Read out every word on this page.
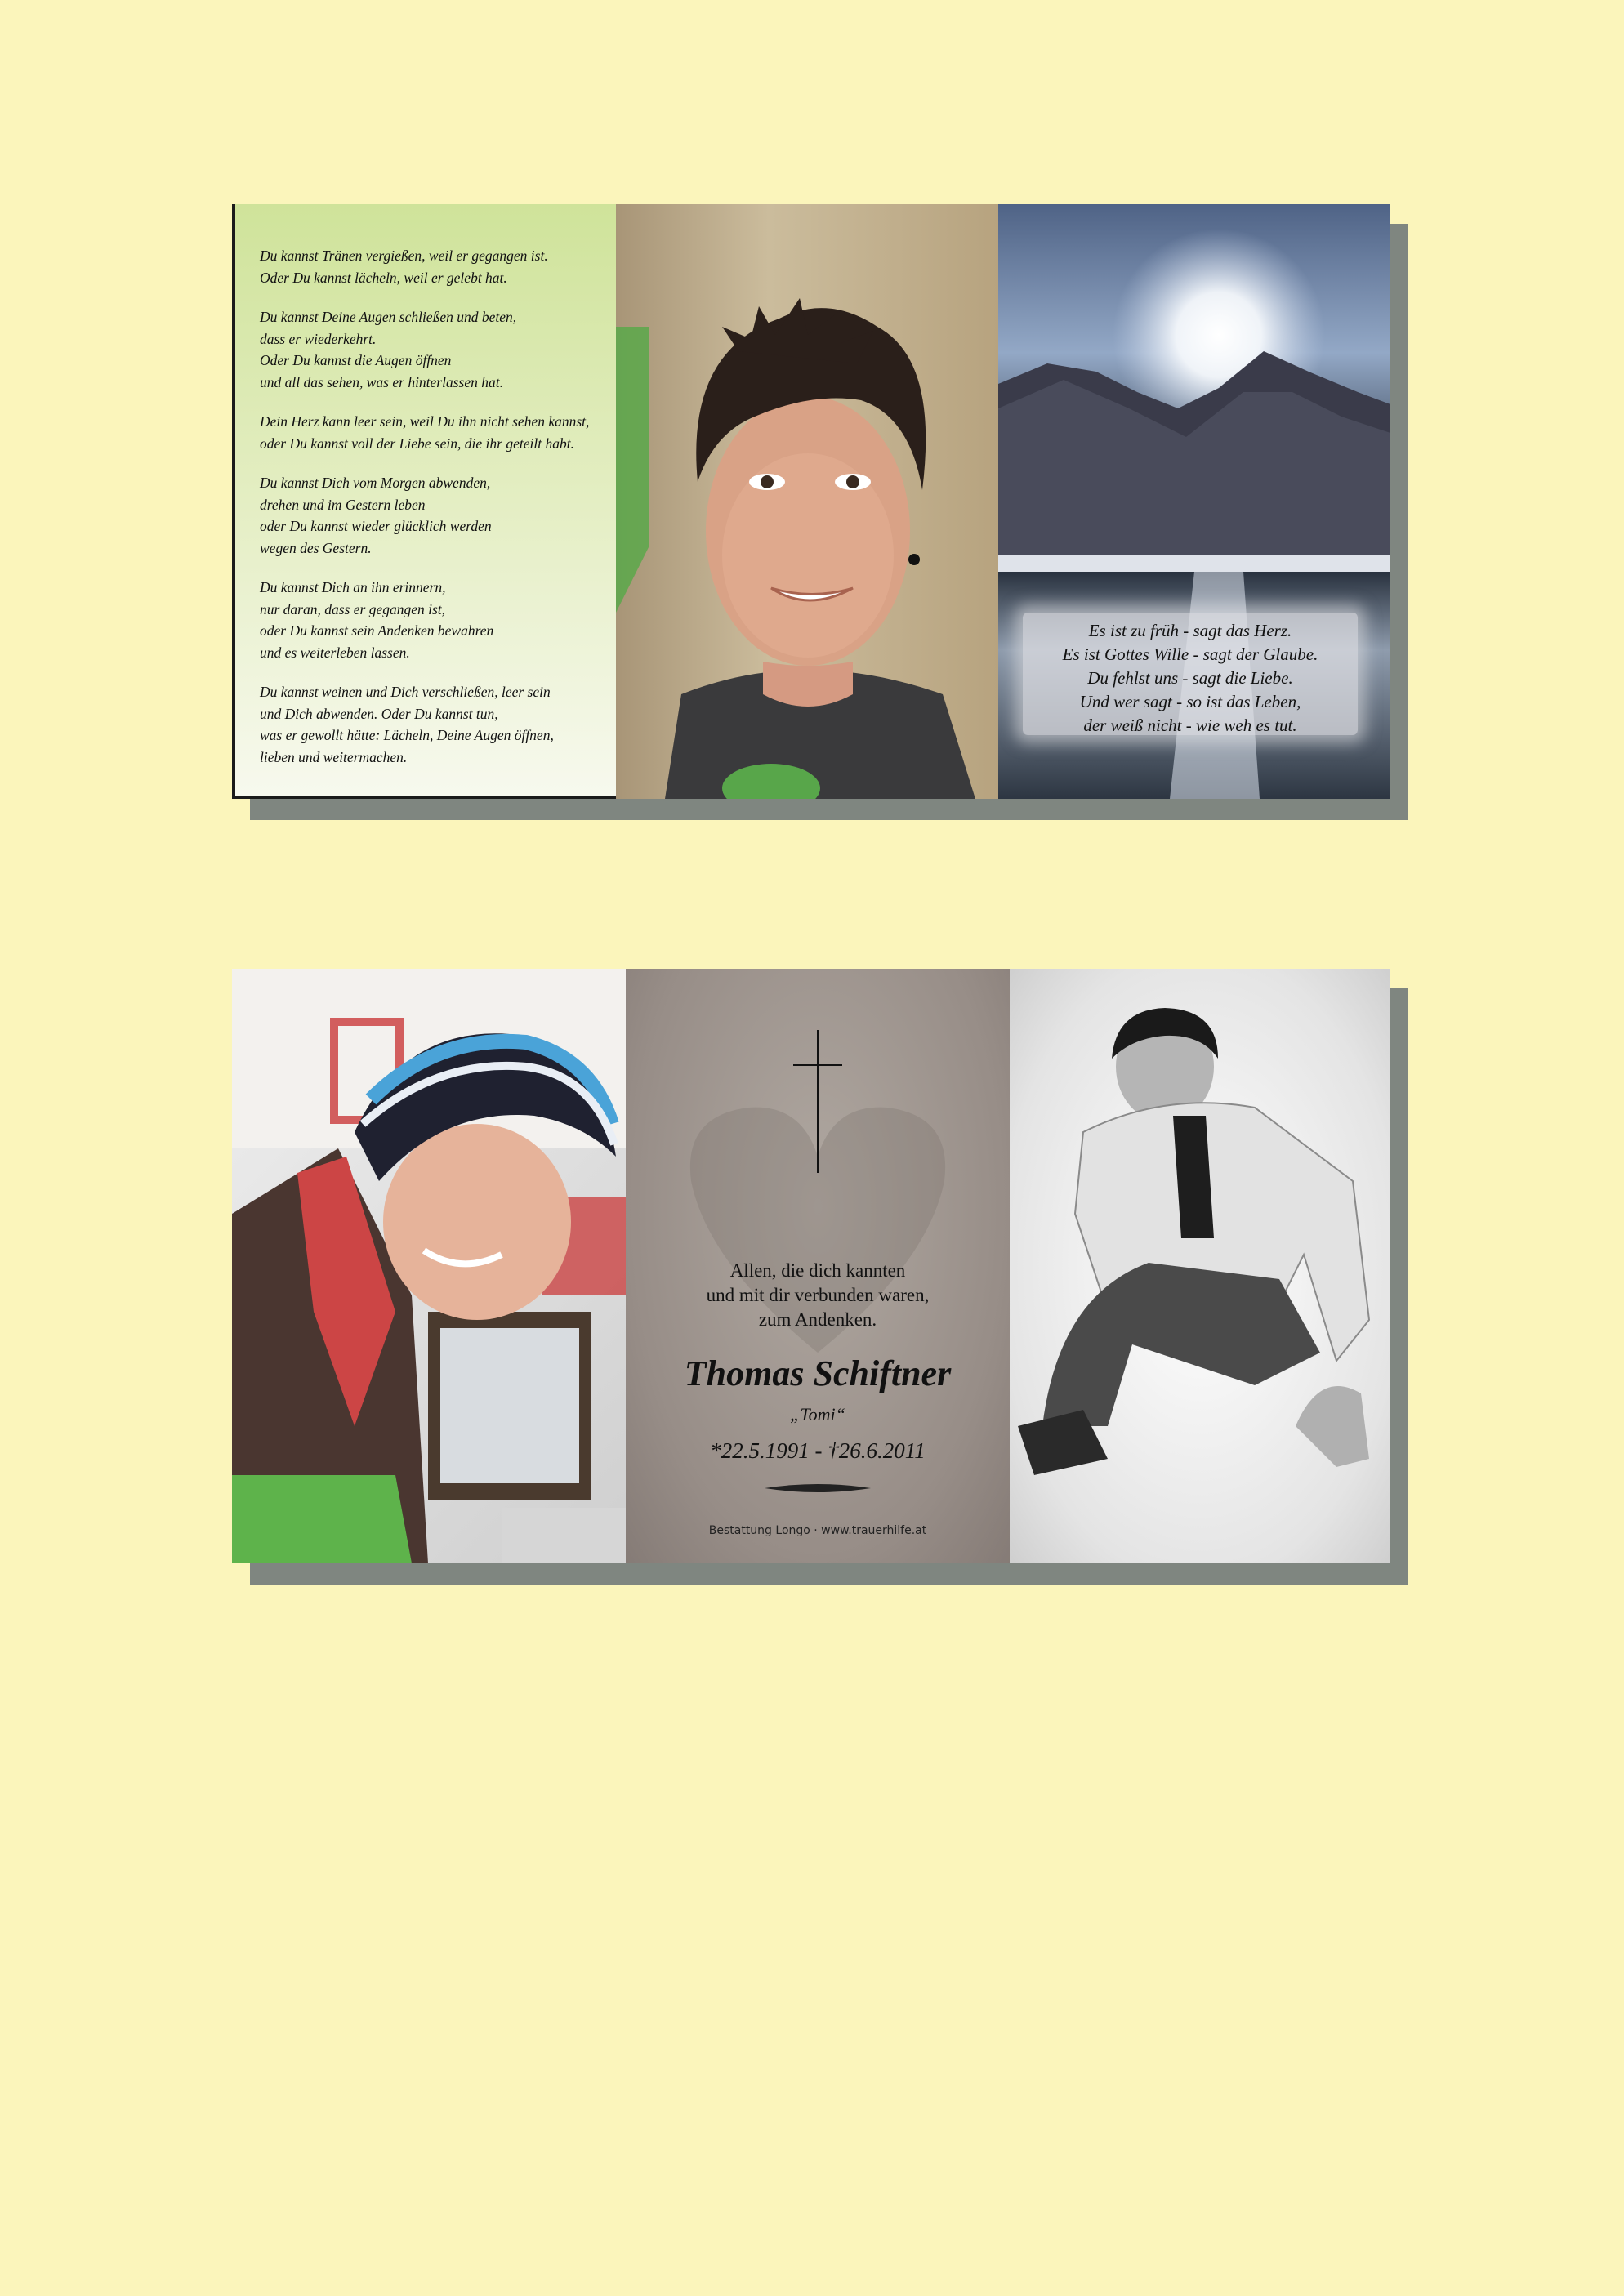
Du kannst Tränen vergießen, weil er gegangen ist.
Oder Du kannst lächeln, weil er gelebt hat.

Du kannst Deine Augen schließen und beten,
dass er wiederkehrt.
Oder Du kannst die Augen öffnen
und all das sehen, was er hinterlassen hat.

Dein Herz kann leer sein, weil Du ihn nicht sehen kannst,
oder Du kannst voll der Liebe sein, die ihr geteilt habt.

Du kannst Dich vom Morgen abwenden,
drehen und im Gestern leben
oder Du kannst wieder glücklich werden
wegen des Gestern.

Du kannst Dich an ihn erinnern,
nur daran, dass er gegangen ist,
oder Du kannst sein Andenken bewahren
und es weiterleben lassen.

Du kannst weinen und Dich verschließen, leer sein
und Dich abwenden. Oder Du kannst tun,
was er gewollt hätte: Lächeln, Deine Augen öffnen,
lieben und weitermachen.

Es ist zu früh - sagt das Herz.
Es ist Gottes Wille - sagt der Glaube.
Du fehlst uns - sagt die Liebe.
Und wer sagt - so ist das Leben,
der weiß nicht - wie weh es tut.
Allen, die dich kannten
und mit dir verbunden waren,
zum Andenken.
Thomas Schiftner
„Tomi“
*22.5.1991 - †26.6.2011
Bestattung Longo · www.trauerhilfe.at
